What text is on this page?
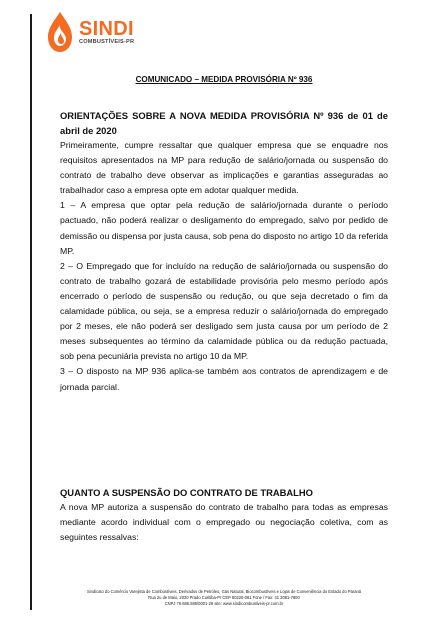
SINDI
COMBUSTÍVEIS-PR
COMUNICADO – MEDIDA PROVISÓRIA Nº 936
ORIENTAÇÕES SOBRE A NOVA MEDIDA PROVISÓRIA Nº 936 de 01 de abril de 2020

Primeiramente, cumpre ressaltar que qualquer empresa que se enquadre nos requisitos apresentados na MP para redução de salário/jornada ou suspensão do contrato de trabalho deve observar as implicações e garantias asseguradas ao trabalhador caso a empresa opte em adotar qualquer medida.

1 – A empresa que optar pela redução de salário/jornada durante o período pactuado, não poderá realizar o desligamento do empregado, salvo por pedido de demissão ou dispensa por justa causa, sob pena do disposto no artigo 10 da referida MP.

2 – O Empregado que for incluído na redução de salário/jornada ou suspensão do contrato de trabalho gozará de estabilidade provisória pelo mesmo período após encerrado o período de suspensão ou redução, ou que seja decretado o fim da calamidade pública, ou seja, se a empresa reduzir o salário/jornada do empregado por 2 meses, ele não poderá ser desligado sem justa causa por um período de 2 meses subsequentes ao término da calamidade pública ou da redução pactuada, sob pena pecuniária prevista no artigo 10 da MP.

3 – O disposto na MP 936 aplica-se também aos contratos de aprendizagem e de jornada parcial.

QUANTO A SUSPENSÃO DO CONTRATO DE TRABALHO

A nova MP autoriza a suspensão do contrato de trabalho para todas as empresas mediante acordo individual com o empregado ou negociação coletiva, com as seguintes ressalvas:

Sindicato do Comércio Varejista de Combustíveis, Derivados de Petróleo, Gás Natural, Biocombustíveis e Lojas de Conveniência do Estado do Paraná
Rua 2u de Maio, 2020 Prado Curitiba-Pr CEP 80220-081 Fone / Fax: 41 3081-7800
CNPJ 76.686.586/0001-29 site: www.sindicombustiveis-pr.com.br
